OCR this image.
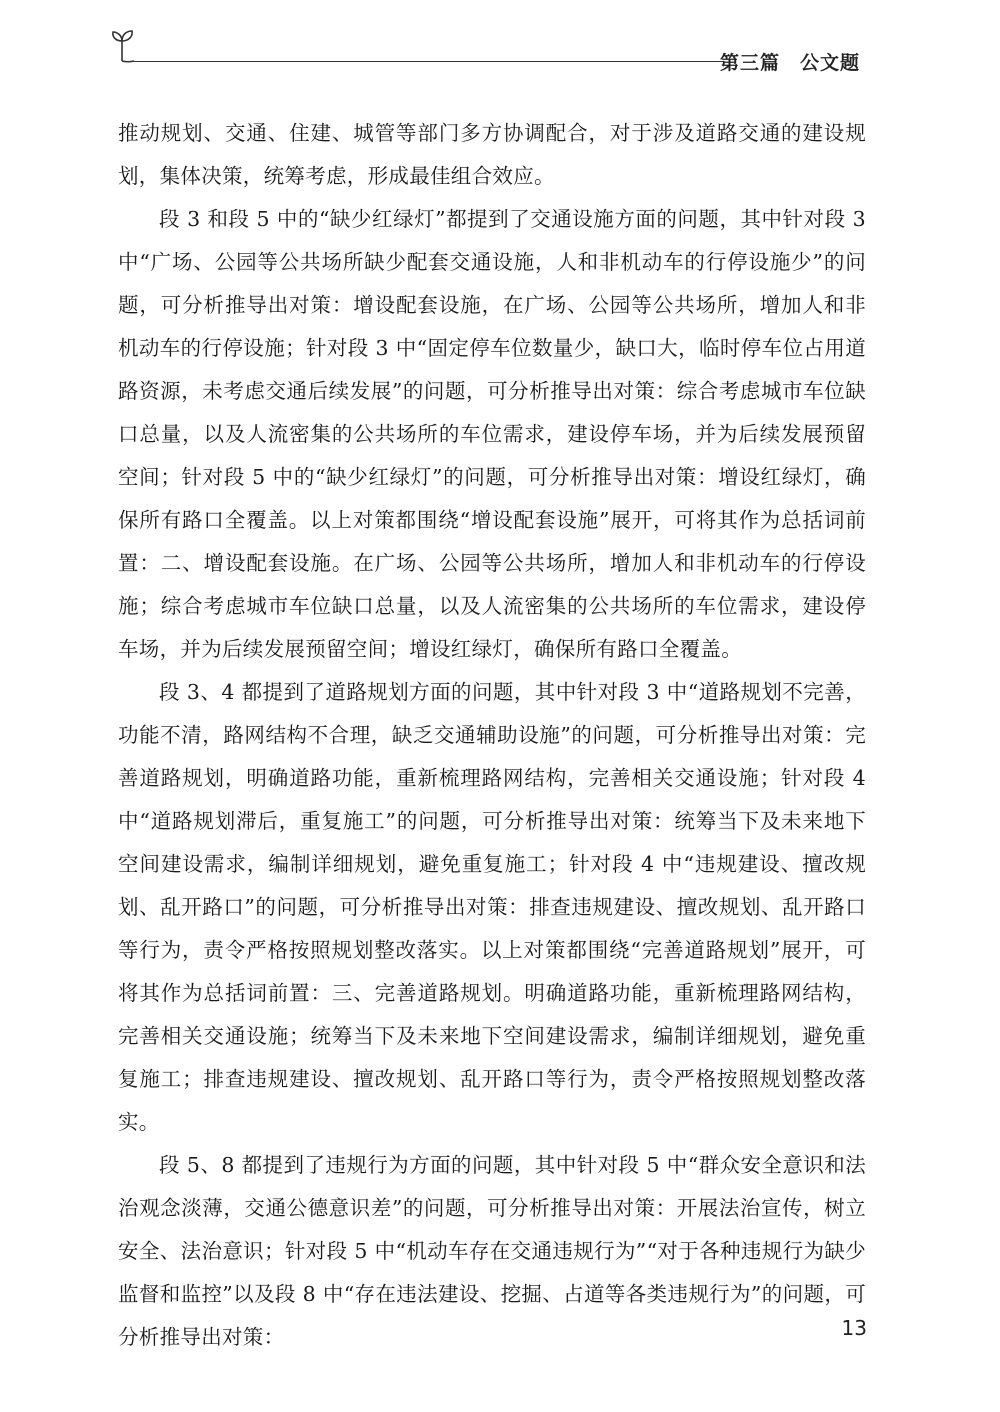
第三篇　公文题

推动规划、交通、住建、城管等部门多方协调配合，对于涉及道路交通的建设规划，集体决策，统筹考虑，形成最佳组合效应。

段 3 和段 5 中的“缺少红绿灯”都提到了交通设施方面的问题，其中针对段 3 中“广场、公园等公共场所缺少配套交通设施，人和非机动车的行停设施少”的问题，可分析推导出对策：增设配套设施，在广场、公园等公共场所，增加人和非机动车的行停设施；针对段 3 中“固定停车位数量少，缺口大，临时停车位占用道路资源，未考虑交通后续发展”的问题，可分析推导出对策：综合考虑城市车位缺口总量，以及人流密集的公共场所的车位需求，建设停车场，并为后续发展预留空间；针对段 5 中的“缺少红绿灯”的问题，可分析推导出对策：增设红绿灯，确保所有路口全覆盖。以上对策都围绕“增设配套设施”展开，可将其作为总括词前置：二、增设配套设施。在广场、公园等公共场所，增加人和非机动车的行停设施；综合考虑城市车位缺口总量，以及人流密集的公共场所的车位需求，建设停车场，并为后续发展预留空间；增设红绿灯，确保所有路口全覆盖。

段 3、4 都提到了道路规划方面的问题，其中针对段 3 中“道路规划不完善，功能不清，路网结构不合理，缺乏交通辅助设施”的问题，可分析推导出对策：完善道路规划，明确道路功能，重新梳理路网结构，完善相关交通设施；针对段 4 中“道路规划滞后，重复施工”的问题，可分析推导出对策：统筹当下及未来地下空间建设需求，编制详细规划，避免重复施工；针对段 4 中“违规建设、擅改规划、乱开路口”的问题，可分析推导出对策：排查违规建设、擅改规划、乱开路口等行为，责令严格按照规划整改落实。以上对策都围绕“完善道路规划”展开，可将其作为总括词前置：三、完善道路规划。明确道路功能，重新梳理路网结构，完善相关交通设施；统筹当下及未来地下空间建设需求，编制详细规划，避免重复施工；排查违规建设、擅改规划、乱开路口等行为，责令严格按照规划整改落实。

段 5、8 都提到了违规行为方面的问题，其中针对段 5 中“群众安全意识和法治观念淡薄，交通公德意识差”的问题，可分析推导出对策：开展法治宣传，树立安全、法治意识；针对段 5 中“机动车存在交通违规行为”“对于各种违规行为缺少监督和监控”以及段 8 中“存在违法建设、挖掘、占道等各类违规行为”的问题，可分析推导出对策：	13
